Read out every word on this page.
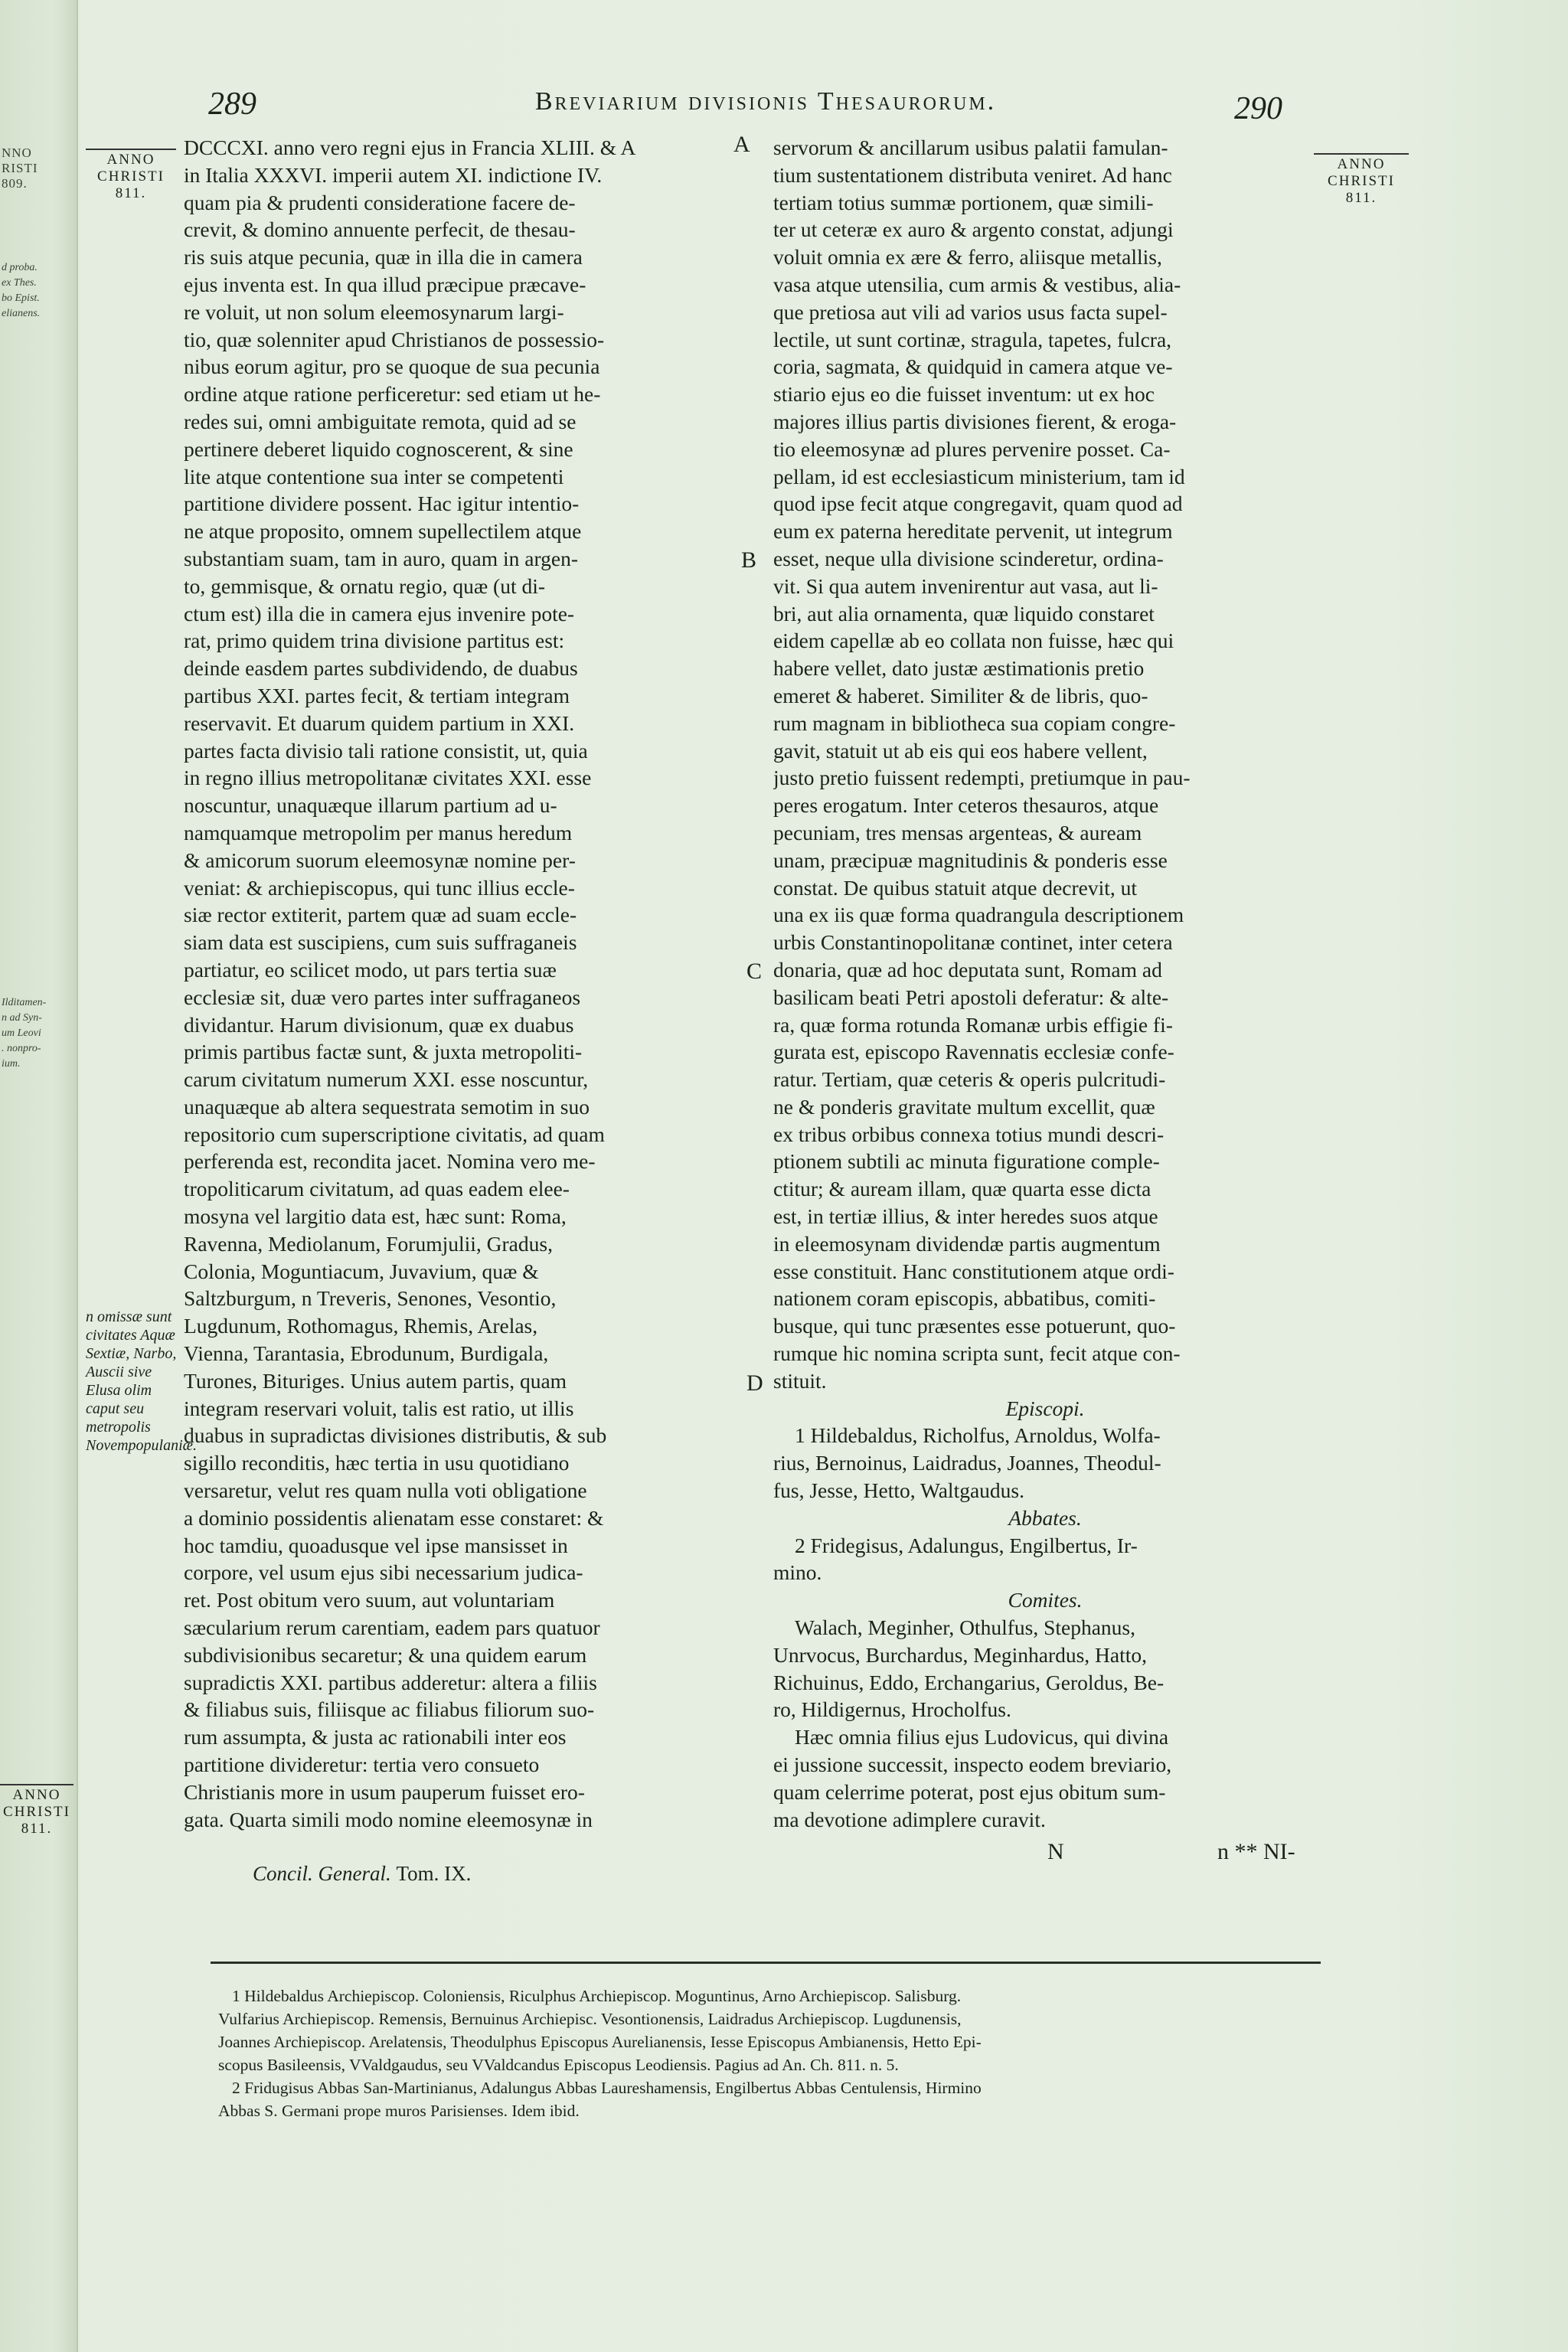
NNO
RISTI
809.
d proba.
ex Thes.
bo Epist.
elianens.
Ilditamen-
n ad Syn-
um Leovi
. nonpro-
ium.
289	Breviarium divisionis Thesaurorum.	290
ANNO
CHRISTI
811.
ANNO
CHRISTI
811.
ANNO
CHRISTI
811.
n omissæ sunt civitates Aquæ Sextiæ, Narbo, Auscii sive Elusa olim caput seu metropolis Novempopulaniæ.
A
B
C
D
DCCCXI. anno vero regni ejus in Francia XLIII. & A
in Italia XXXVI. imperii autem XI. indictione IV.
quam pia & prudenti consideratione facere de-
crevit, & domino annuente perfecit, de thesau-
ris suis atque pecunia, quæ in illa die in camera
ejus inventa est. In qua illud præcipue præcave-
re voluit, ut non solum eleemosynarum largi-
tio, quæ solenniter apud Christianos de possessio-
nibus eorum agitur, pro se quoque de sua pecunia
ordine atque ratione perficeretur: sed etiam ut he-
redes sui, omni ambiguitate remota, quid ad se
pertinere deberet liquido cognoscerent, & sine
lite atque contentione sua inter se competenti
partitione dividere possent. Hac igitur intentio-
ne atque proposito, omnem supellectilem atque
substantiam suam, tam in auro, quam in argen-
to, gemmisque, & ornatu regio, quæ (ut di-
ctum est) illa die in camera ejus invenire pote-
rat, primo quidem trina divisione partitus est:
deinde easdem partes subdividendo, de duabus
partibus XXI. partes fecit, & tertiam integram
reservavit. Et duarum quidem partium in XXI.
partes facta divisio tali ratione consistit, ut, quia
in regno illius metropolitanæ civitates XXI. esse
noscuntur, unaquæque illarum partium ad u-
namquamque metropolim per manus heredum
& amicorum suorum eleemosynæ nomine per-
veniat: & archiepiscopus, qui tunc illius eccle-
siæ rector extiterit, partem quæ ad suam eccle-
siam data est suscipiens, cum suis suffraganeis
partiatur, eo scilicet modo, ut pars tertia suæ
ecclesiæ sit, duæ vero partes inter suffraganeos
dividantur. Harum divisionum, quæ ex duabus
primis partibus factæ sunt, & juxta metropoliti-
carum civitatum numerum XXI. esse noscuntur,
unaquæque ab altera sequestrata semotim in suo
repositorio cum superscriptione civitatis, ad quam
perferenda est, recondita jacet. Nomina vero me-
tropoliticarum civitatum, ad quas eadem elee-
mosyna vel largitio data est, hæc sunt: Roma,
Ravenna, Mediolanum, Forumjulii, Gradus,
Colonia, Moguntiacum, Juvavium, quæ &
Saltzburgum, n Treveris, Senones, Vesontio,
Lugdunum, Rothomagus, Rhemis, Arelas,
Vienna, Tarantasia, Ebrodunum, Burdigala,
Turones, Bituriges. Unius autem partis, quam
integram reservari voluit, talis est ratio, ut illis
duabus in supradictas divisiones distributis, & sub
sigillo reconditis, hæc tertia in usu quotidiano
versaretur, velut res quam nulla voti obligatione
a dominio possidentis alienatam esse constaret: &
hoc tamdiu, quoadusque vel ipse mansisset in
corpore, vel usum ejus sibi necessarium judica-
ret. Post obitum vero suum, aut voluntariam
sæcularium rerum carentiam, eadem pars quatuor
subdivisionibus secaretur; & una quidem earum
supradictis XXI. partibus adderetur: altera a filiis
& filiabus suis, filiisque ac filiabus filiorum suo-
rum assumpta, & justa ac rationabili inter eos
partitione divideretur: tertia vero consueto
Christianis more in usum pauperum fuisset ero-
gata. Quarta simili modo nomine eleemosynæ in
Concil. General. Tom. IX.
servorum & ancillarum usibus palatii famulan-
tium sustentationem distributa veniret. Ad hanc
tertiam totius summæ portionem, quæ simili-
ter ut ceteræ ex auro & argento constat, adjungi
voluit omnia ex ære & ferro, aliisque metallis,
vasa atque utensilia, cum armis & vestibus, alia-
que pretiosa aut vili ad varios usus facta supel-
lectile, ut sunt cortinæ, stragula, tapetes, fulcra,
coria, sagmata, & quidquid in camera atque ve-
stiario ejus eo die fuisset inventum: ut ex hoc
majores illius partis divisiones fierent, & eroga-
tio eleemosynæ ad plures pervenire posset. Ca-
pellam, id est ecclesiasticum ministerium, tam id
quod ipse fecit atque congregavit, quam quod ad
eum ex paterna hereditate pervenit, ut integrum
esset, neque ulla divisione scinderetur, ordina-
vit. Si qua autem invenirentur aut vasa, aut li-
bri, aut alia ornamenta, quæ liquido constaret
eidem capellæ ab eo collata non fuisse, hæc qui
habere vellet, dato justæ æstimationis pretio
emeret & haberet. Similiter & de libris, quo-
rum magnam in bibliotheca sua copiam congre-
gavit, statuit ut ab eis qui eos habere vellent,
justo pretio fuissent redempti, pretiumque in pau-
peres erogatum. Inter ceteros thesauros, atque
pecuniam, tres mensas argenteas, & auream
unam, præcipuæ magnitudinis & ponderis esse
constat. De quibus statuit atque decrevit, ut
una ex iis quæ forma quadrangula descriptionem
urbis Constantinopolitanæ continet, inter cetera
donaria, quæ ad hoc deputata sunt, Romam ad
basilicam beati Petri apostoli deferatur: & alte-
ra, quæ forma rotunda Romanæ urbis effigie fi-
gurata est, episcopo Ravennatis ecclesiæ confe-
ratur. Tertiam, quæ ceteris & operis pulcritudi-
ne & ponderis gravitate multum excellit, quæ
ex tribus orbibus connexa totius mundi descri-
ptionem subtili ac minuta figuratione comple-
ctitur; & auream illam, quæ quarta esse dicta
est, in tertiæ illius, & inter heredes suos atque
in eleemosynam dividendæ partis augmentum
esse constituit. Hanc constitutionem atque ordi-
nationem coram episcopis, abbatibus, comiti-
busque, qui tunc præsentes esse potuerunt, quo-
rumque hic nomina scripta sunt, fecit atque con-
stituit.
Episcopi.
1 Hildebaldus, Richolfus, Arnoldus, Wolfa-
rius, Bernoinus, Laidradus, Joannes, Theodul-
fus, Jesse, Hetto, Waltgaudus.
Abbates.
2 Fridegisus, Adalungus, Engilbertus, Ir-
mino.
Comites.
Walach, Meginher, Othulfus, Stephanus,
Unrvocus, Burchardus, Meginhardus, Hatto,
Richuinus, Eddo, Erchangarius, Geroldus, Be-
ro, Hildigernus, Hrocholfus.
Hæc omnia filius ejus Ludovicus, qui divina
ei jussione successit, inspecto eodem breviario,
quam celerrime poterat, post ejus obitum sum-
ma devotione adimplere curavit.
N	n ** NI-
1 Hildebaldus Archiepiscop. Coloniensis, Riculphus Archiepiscop. Moguntinus, Arno Archiepiscop. Salisburg.
Vulfarius Archiepiscop. Remensis, Bernuinus Archiepisc. Vesontionensis, Laidradus Archiepiscop. Lugdunensis,
Joannes Archiepiscop. Arelatensis, Theodulphus Episcopus Aurelianensis, Iesse Episcopus Ambianensis, Hetto Epi-
scopus Basileensis, VValdgaudus, seu VValdcandus Episcopus Leodiensis. Pagius ad An. Ch. 811. n. 5.
2 Fridugisus Abbas San-Martinianus, Adalungus Abbas Laureshamensis, Engilbertus Abbas Centulensis, Hirmino
Abbas S. Germani prope muros Parisienses. Idem ibid.
